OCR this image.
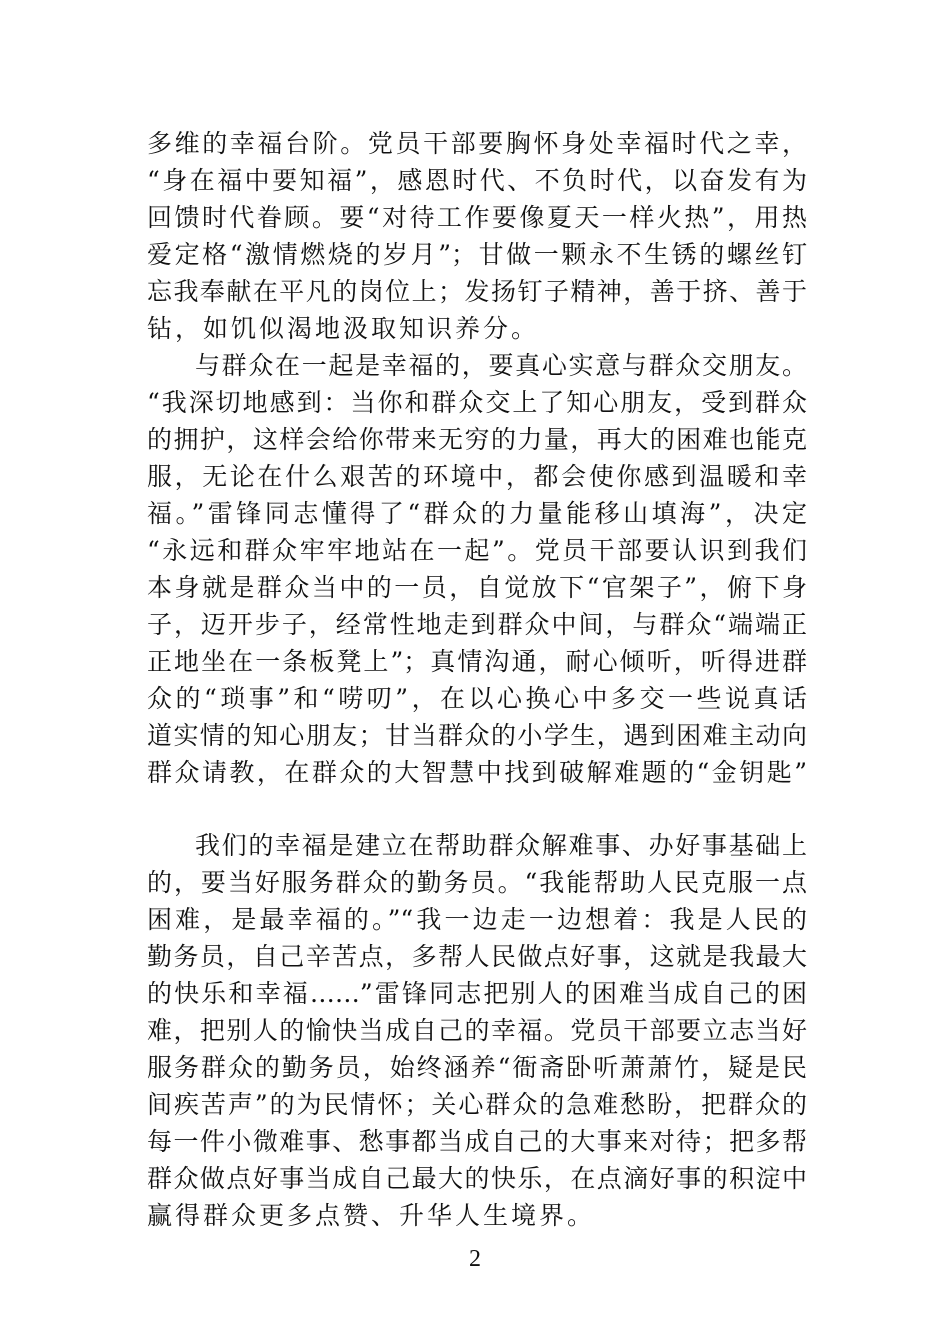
多维的幸福台阶。党员干部要胸怀身处幸福时代之幸，
“身在福中要知福”，感恩时代、不负时代，以奋发有为
回馈时代眷顾。要“对待工作要像夏天一样火热”，用热
爱定格“激情燃烧的岁月”；甘做一颗永不生锈的螺丝钉
忘我奉献在平凡的岗位上；发扬钉子精神，善于挤、善于
钻，如饥似渴地汲取知识养分。
与群众在一起是幸福的，要真心实意与群众交朋友。
“我深切地感到：当你和群众交上了知心朋友，受到群众
的拥护，这样会给你带来无穷的力量，再大的困难也能克
服，无论在什么艰苦的环境中，都会使你感到温暖和幸
福。”雷锋同志懂得了“群众的力量能移山填海”，决定
“永远和群众牢牢地站在一起”。党员干部要认识到我们
本身就是群众当中的一员，自觉放下“官架子”，俯下身
子，迈开步子，经常性地走到群众中间，与群众“端端正
正地坐在一条板凳上”；真情沟通，耐心倾听，听得进群
众的“琐事”和“唠叨”，在以心换心中多交一些说真话
道实情的知心朋友；甘当群众的小学生，遇到困难主动向
群众请教，在群众的大智慧中找到破解难题的“金钥匙”
我们的幸福是建立在帮助群众解难事、办好事基础上
的，要当好服务群众的勤务员。“我能帮助人民克服一点
困难，是最幸福的。”“我一边走一边想着：我是人民的
勤务员，自己辛苦点，多帮人民做点好事，这就是我最大
的快乐和幸福……”雷锋同志把别人的困难当成自己的困
难，把别人的愉快当成自己的幸福。党员干部要立志当好
服务群众的勤务员，始终涵养“衙斋卧听萧萧竹，疑是民
间疾苦声”的为民情怀；关心群众的急难愁盼，把群众的
每一件小微难事、愁事都当成自己的大事来对待；把多帮
群众做点好事当成自己最大的快乐，在点滴好事的积淀中
赢得群众更多点赞、升华人生境界。
2
